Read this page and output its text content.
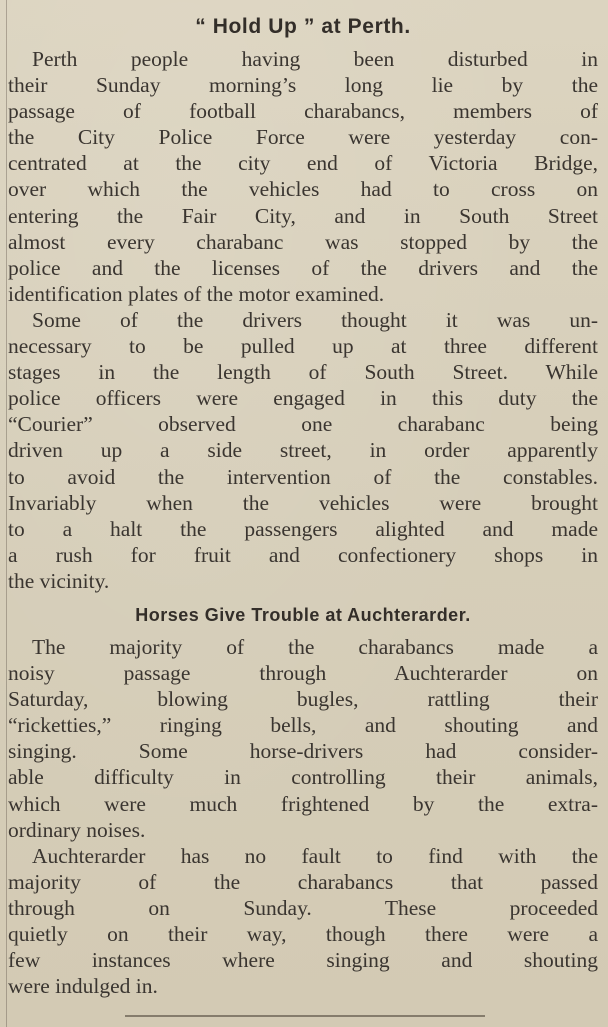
“ Hold Up ” at Perth.

Perth people having been disturbed in
their Sunday morning’s long lie by the
passage of football charabancs, members of
the City Police Force were yesterday con-
centrated at the city end of Victoria Bridge,
over which the vehicles had to cross on
entering the Fair City, and in South Street
almost every charabanc was stopped by the
police and the licenses of the drivers and the
identification plates of the motor examined.

Some of the drivers thought it was un-
necessary to be pulled up at three different
stages in the length of South Street. While
police officers were engaged in this duty the
“Courier” observed one charabanc being
driven up a side street, in order apparently
to avoid the intervention of the constables.
Invariably when the vehicles were brought
to a halt the passengers alighted and made
a rush for fruit and confectionery shops in
the vicinity.

Horses Give Trouble at Auchterarder.

The majority of the charabancs made a
noisy passage through Auchterarder on
Saturday, blowing bugles, rattling their
“ricketties,” ringing bells, and shouting and
singing. Some horse-drivers had consider-
able difficulty in controlling their animals,
which were much frightened by the extra-
ordinary noises.

Auchterarder has no fault to find with the
majority of the charabancs that passed
through on Sunday. These proceeded
quietly on their way, though there were a
few instances where singing and shouting
were indulged in.
